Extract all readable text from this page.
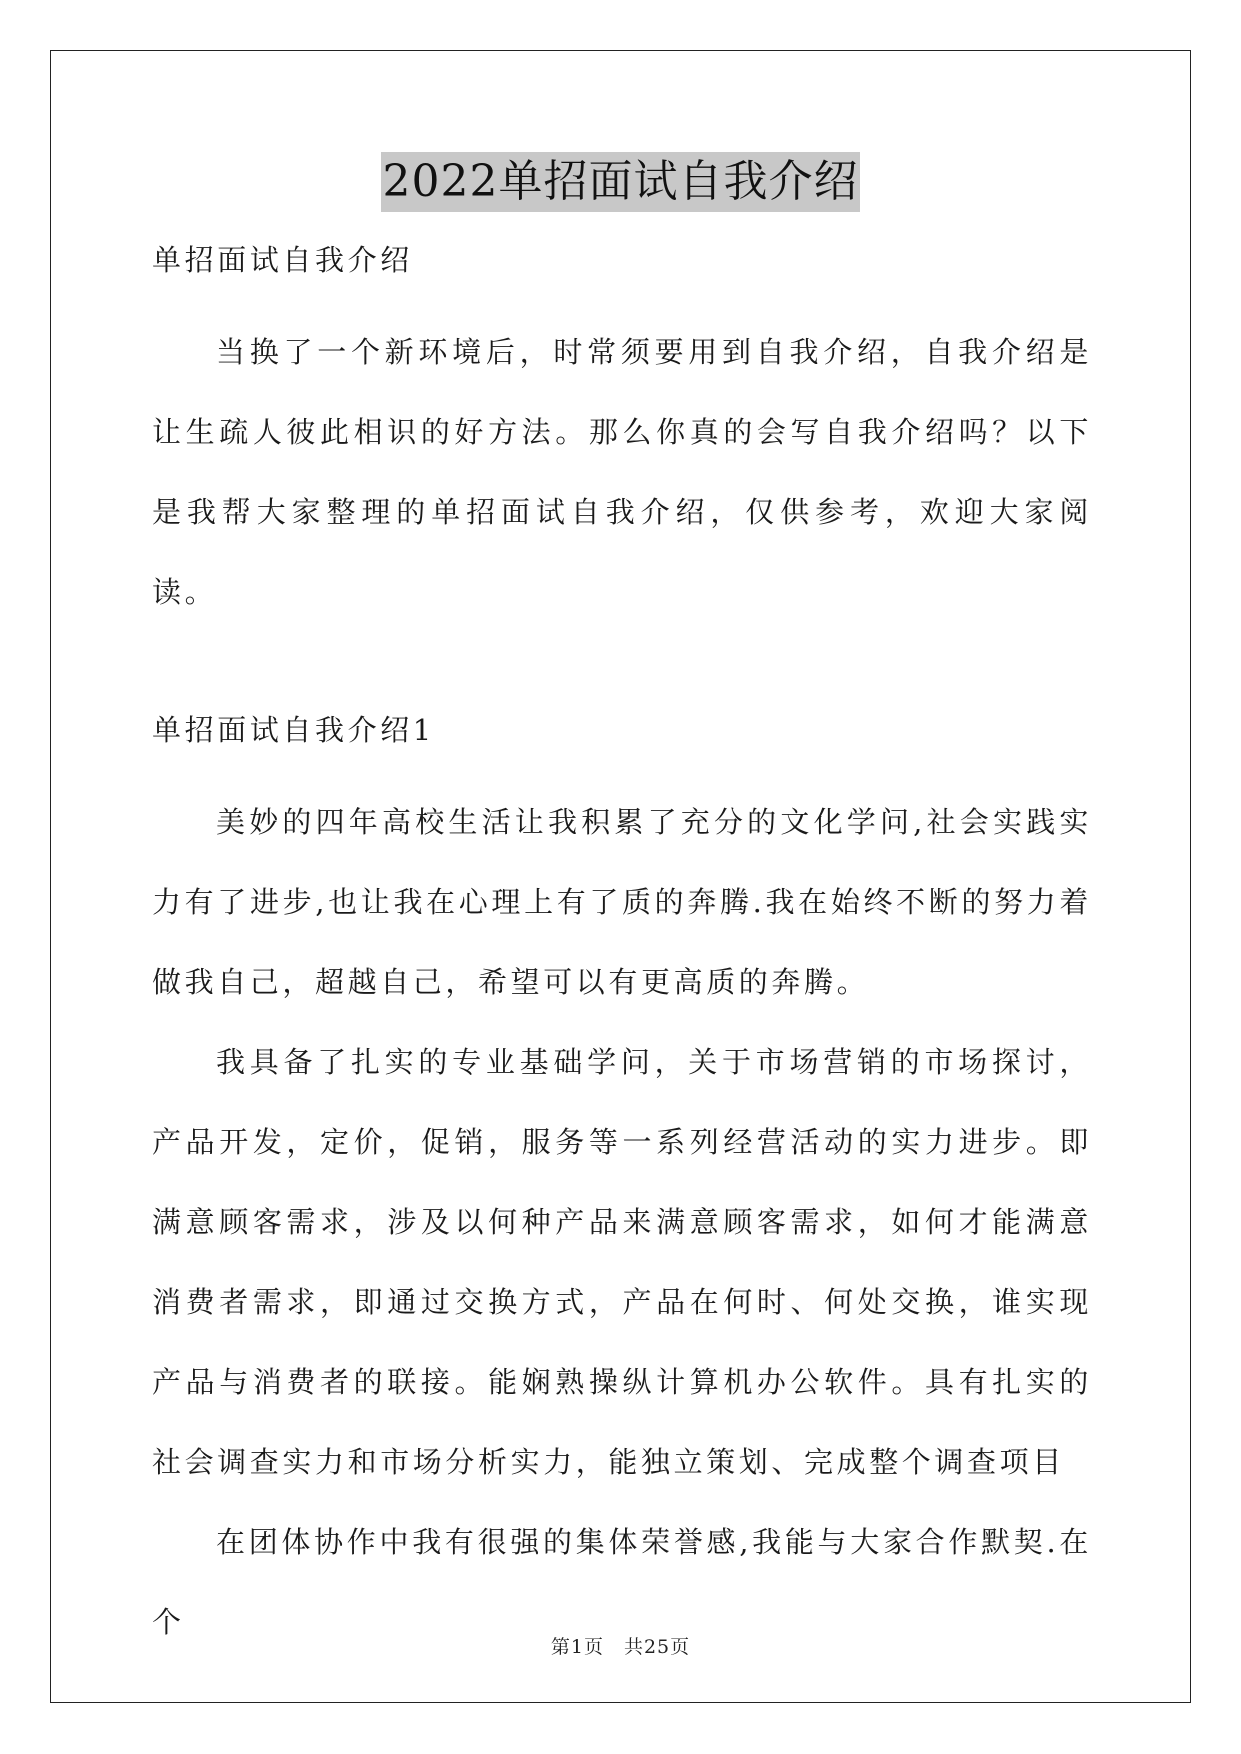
2022单招面试自我介绍

单招面试自我介绍

当换了一个新环境后，时常须要用到自我介绍，自我介绍是让生疏人彼此相识的好方法。那么你真的会写自我介绍吗？以下是我帮大家整理的单招面试自我介绍，仅供参考，欢迎大家阅读。

单招面试自我介绍1

美妙的四年高校生活让我积累了充分的文化学问,社会实践实力有了进步,也让我在心理上有了质的奔腾.我在始终不断的努力着做我自己，超越自己，希望可以有更高质的奔腾。

我具备了扎实的专业基础学问，关于市场营销的市场探讨，产品开发，定价，促销，服务等一系列经营活动的实力进步。即满意顾客需求，涉及以何种产品来满意顾客需求，如何才能满意消费者需求，即通过交换方式，产品在何时、何处交换，谁实现产品与消费者的联接。能娴熟操纵计算机办公软件。具有扎实的社会调查实力和市场分析实力，能独立策划、完成整个调查项目

在团体协作中我有很强的集体荣誉感,我能与大家合作默契.在个

第1页 共25页
